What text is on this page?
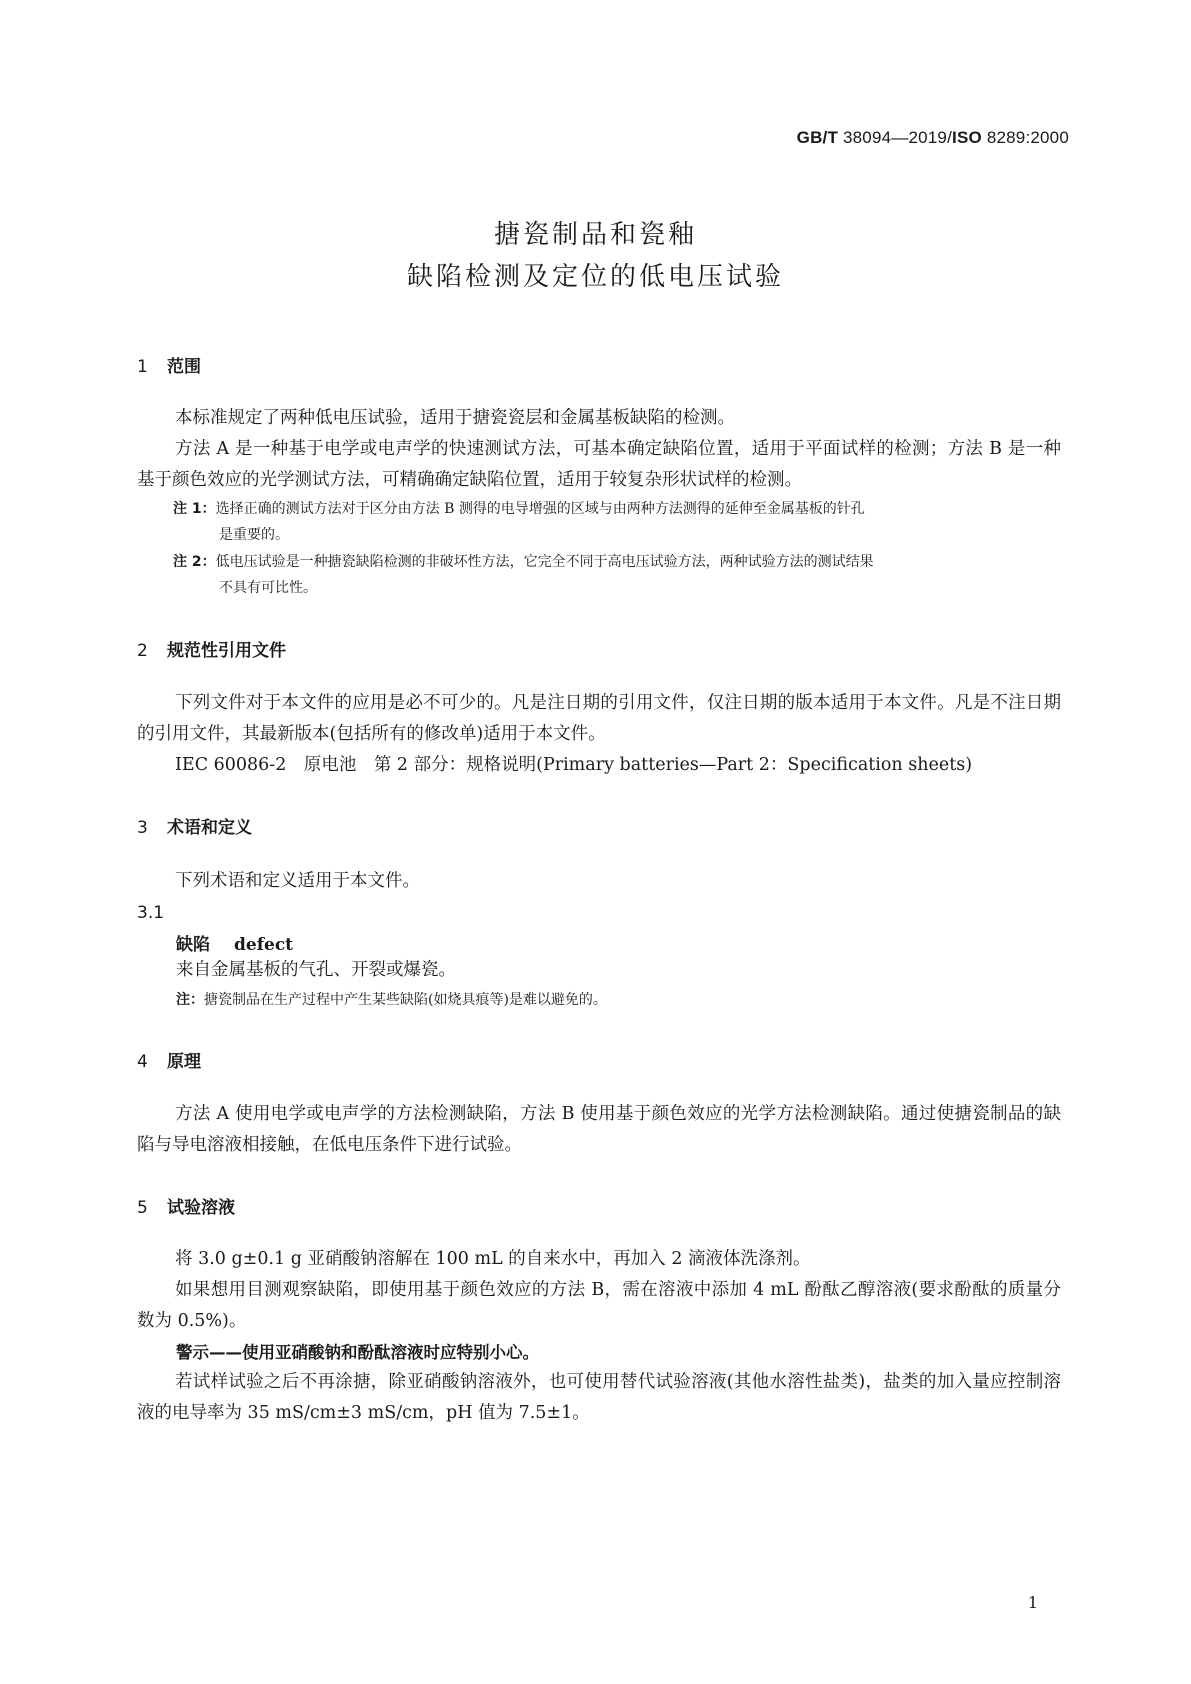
GB/T 38094—2019/ISO 8289:2000
搪瓷制品和瓷釉
缺陷检测及定位的低电压试验
1 范围
本标准规定了两种低电压试验，适用于搪瓷瓷层和金属基板缺陷的检测。
方法 A 是一种基于电学或电声学的快速测试方法，可基本确定缺陷位置，适用于平面试样的检测；方法 B 是一种基于颜色效应的光学测试方法，可精确确定缺陷位置，适用于较复杂形状试样的检测。
注 1：选择正确的测试方法对于区分由方法 B 测得的电导增强的区域与由两种方法测得的延伸至金属基板的针孔
是重要的。
注 2：低电压试验是一种搪瓷缺陷检测的非破坏性方法，它完全不同于高电压试验方法，两种试验方法的测试结果
不具有可比性。
2 规范性引用文件
下列文件对于本文件的应用是必不可少的。凡是注日期的引用文件，仅注日期的版本适用于本文件。凡是不注日期的引用文件，其最新版本(包括所有的修改单)适用于本文件。
IEC 60086-2　原电池　第 2 部分：规格说明(Primary batteries—Part 2：Specification sheets)
3 术语和定义
下列术语和定义适用于本文件。
3.1
缺陷 defect
来自金属基板的气孔、开裂或爆瓷。
注：搪瓷制品在生产过程中产生某些缺陷(如烧具痕等)是难以避免的。
4 原理
方法 A 使用电学或电声学的方法检测缺陷，方法 B 使用基于颜色效应的光学方法检测缺陷。通过使搪瓷制品的缺陷与导电溶液相接触，在低电压条件下进行试验。
5 试验溶液
将 3.0 g±0.1 g 亚硝酸钠溶解在 100 mL 的自来水中，再加入 2 滴液体洗涤剂。
如果想用目测观察缺陷，即使用基于颜色效应的方法 B，需在溶液中添加 4 mL 酚酞乙醇溶液(要求酚酞的质量分数为 0.5%)。
警示——使用亚硝酸钠和酚酞溶液时应特别小心。
若试样试验之后不再涂搪，除亚硝酸钠溶液外，也可使用替代试验溶液(其他水溶性盐类)，盐类的加入量应控制溶液的电导率为 35 mS/cm±3 mS/cm，pH 值为 7.5±1。
1
